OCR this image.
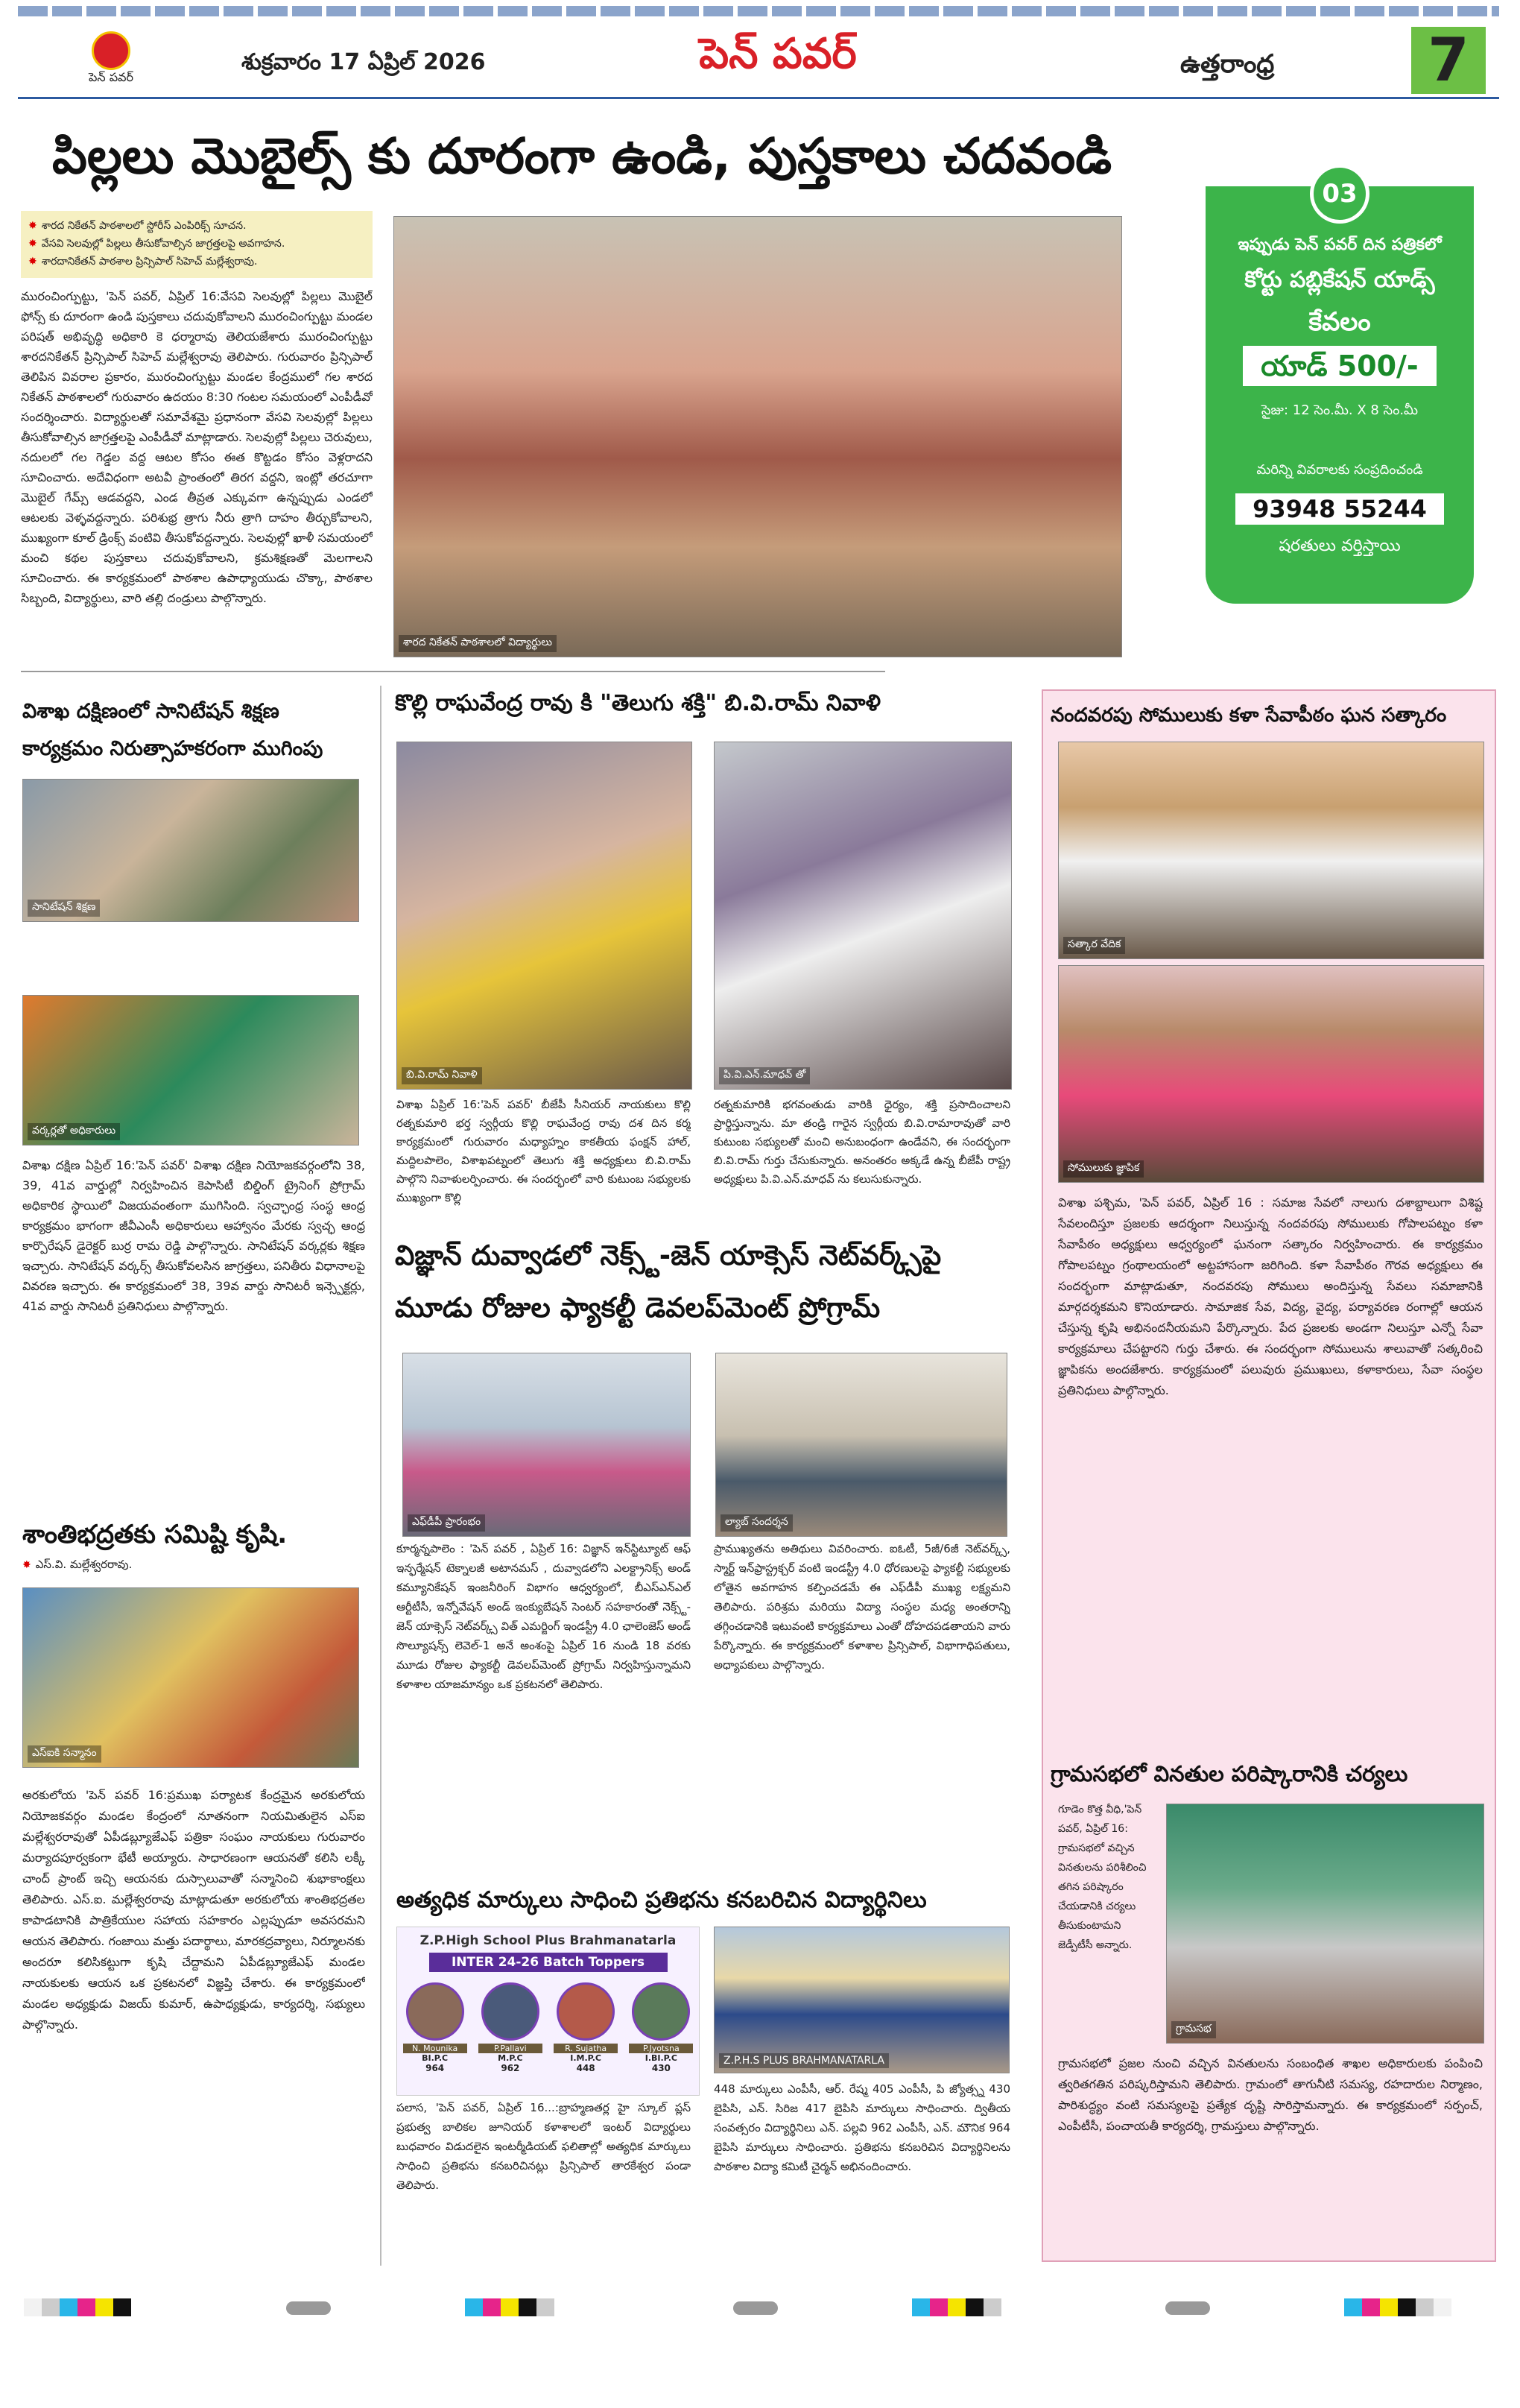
పెన్ పవర్
శుక్రవారం 17 ఏప్రిల్ 2026	పెన్ పవర్	ఉత్తరాంధ్ర	7
పిల్లలు మొబైల్స్ కు దూరంగా ఉండి, పుస్తకాలు చదవండి
✸ శారద నికేతన్ పాఠశాలలో స్టోరీస్ ఎంపిరిక్స్ సూచన.
✸ వేసవి సెలవుల్లో పిల్లలు తీసుకోవాల్సిన జాగ్రత్తలపై అవగాహన.
✸ శారదానికేతన్ పాఠశాల ప్రిన్సిపాల్ సిహెచ్ మల్లేశ్వరావు.
మురంచింగ్పుట్టు, 'పెన్ పవర్, ఏప్రిల్ 16:వేసవి సెలవుల్లో పిల్లలు మొబైల్ ఫోన్స్ కు దూరంగా ఉండి పుస్తకాలు చదువుకోవాలని మురంచింగ్పుట్టు మండల పరిషత్ అభివృద్ధి అధికారి కె ధర్మారావు తెలియజేశారు మురంచింగ్పుట్టు శారదనికేతన్ ప్రిన్సిపాల్ సిహెచ్ మల్లేశ్వరావు తెలిపారు. గురువారం ప్రిన్సిపాల్ తెలిపిన వివరాల ప్రకారం, మురంచింగ్పుట్టు మండల కేంద్రములో గల శారద నికేతన్ పాఠశాలలో గురువారం ఉదయం 8:30 గంటల సమయంలో ఎంపీడీవో సందర్శించారు. విద్యార్థులతో సమావేశమై ప్రధానంగా వేసవి సెలవుల్లో పిల్లలు తీసుకోవాల్సిన జాగ్రత్తలపై ఎంపీడీవో మాట్లాడారు. సెలవుల్లో పిల్లలు చెరువులు, నదులలో గల గెడ్డల వద్ద ఆటల కోసం ఈత కొట్టడం కోసం వెళ్లరాదని సూచించారు. అదేవిధంగా అటవీ ప్రాంతంలో తిరగ వద్దని, ఇంట్లో తరచూగా మొబైల్ గేమ్స్ ఆడవద్దని, ఎండ తీవ్రత ఎక్కువగా ఉన్నప్పుడు ఎండలో ఆటలకు వెళ్ళవద్దన్నారు. పరిశుభ్ర త్రాగు నీరు త్రాగి దాహం తీర్చుకోవాలని, ముఖ్యంగా కూల్ డ్రింక్స్ వంటివి తీసుకోవద్దన్నారు. సెలవుల్లో ఖాళీ సమయంలో మంచి కథల పుస్తకాలు చదువుకోవాలని, క్రమశిక్షణతో మెలగాలని సూచించారు. ఈ కార్యక్రమంలో పాఠశాల ఉపాధ్యాయుడు చొక్కా, పాఠశాల సిబ్బంది, విద్యార్థులు, వారి తల్లి దండ్రులు పాల్గొన్నారు.
శారద నికేతన్ పాఠశాలలో విద్యార్థులు
03
ఇప్పుడు పెన్ పవర్ దిన పత్రికలో
కోర్టు పబ్లికేషన్ యాడ్స్
కేవలం
యాడ్ 500/-
సైజు: 12 సెం.మీ. X 8 సెం.మీ
మరిన్ని వివరాలకు సంప్రదించండి
93948 55244
షరతులు వర్తిస్తాయి
విశాఖ దక్షిణంలో సానిటేషన్ శిక్షణ కార్యక్రమం నిరుత్సాహకరంగా ముగింపు
సానిటేషన్ శిక్షణ
వర్కర్లతో అధికారులు
విశాఖ దక్షిణ ఏప్రిల్ 16:'పెన్ పవర్' విశాఖ దక్షిణ నియోజకవర్గంలోని 38, 39, 41వ వార్డుల్లో నిర్వహించిన కెపాసిటీ బిల్డింగ్ ట్రైనింగ్ ప్రోగ్రామ్ అధికారిక స్థాయిలో విజయవంతంగా ముగిసింది. స్వచ్ఛాంధ్ర సంస్థ ఆంధ్ర కార్యక్రమం భాగంగా జీవీఎంసీ అధికారులు ఆహ్వానం మేరకు స్వచ్ఛ ఆంధ్ర కార్పొరేషన్ డైరెక్టర్ బుర్ర రామ రెడ్డి పాల్గొన్నారు. సానిటేషన్ వర్కర్లకు శిక్షణ ఇచ్చారు. సానిటేషన్ వర్కర్స్ తీసుకోవలసిన జాగ్రత్తలు, పనితీరు విధానాలపై వివరణ ఇచ్చారు. ఈ కార్యక్రమంలో 38, 39వ వార్డు సానిటరీ ఇన్స్పెక్టర్లు, 41వ వార్డు సానిటరీ ప్రతినిధులు పాల్గొన్నారు.
శాంతిభద్రతకు సమిష్టి కృషి.
✸ ఎస్.వి. మల్లేశ్వరరావు.
ఎస్ఐకి సన్మానం
అరకులోయ 'పెన్ పవర్ 16:ప్రముఖ పర్యాటక కేంద్రమైన అరకులోయ నియోజకవర్గం మండల కేంద్రంలో నూతనంగా నియమితులైన ఎస్ఐ మల్లేశ్వరరావుతో ఏపీడబ్ల్యూజేఎఫ్ పత్రికా సంఘం నాయకులు గురువారం మర్యాదపూర్వకంగా భేటీ అయ్యారు. సాధారణంగా ఆయనతో కలిసి లక్కీ చాంద్ ప్రాంట్ ఇచ్చి ఆయనకు దుస్సాలువాతో సన్మానించి శుభాకాంక్షలు తెలిపారు. ఎస్.ఐ. మల్లేశ్వరరావు మాట్లాడుతూ అరకులోయ శాంతిభద్రతల కాపాడటానికి పాత్రికేయుల సహాయ సహకారం ఎల్లప్పుడూ అవసరమని ఆయన తెలిపారు. గంజాయి మత్తు పదార్థాలు, మారకద్రవ్యాలు, నిర్మూలనకు అందరూ కలిసికట్టుగా కృషి చేద్దామని ఏపీడబ్ల్యూజేఎఫ్ మండల నాయకులకు ఆయన ఒక ప్రకటనలో విజ్ఞప్తి చేశారు. ఈ కార్యక్రమంలో మండల అధ్యక్షుడు విజయ్ కుమార్, ఉపాధ్యక్షుడు, కార్యదర్శి, సభ్యులు పాల్గొన్నారు.
కొల్లి రాఘవేంద్ర రావు కి "తెలుగు శక్తి" బి.వి.రామ్ నివాళి
బి.వి.రామ్ నివాళి	పి.వి.ఎన్.మాధవ్ తో
విశాఖ ఏప్రిల్ 16:'పెన్ పవర్' బీజేపీ సీనియర్ నాయకులు కొల్లి రత్నకుమారి భర్త స్వర్గీయ కొల్లి రాఘవేంద్ర రావు దశ దిన కర్మ కార్యక్రమంలో గురువారం మధ్యాహ్నం కాకతీయ ఫంక్షన్ హాల్, మద్దిలపాలెం, విశాఖపట్నంలో తెలుగు శక్తి అధ్యక్షులు బి.వి.రామ్ పాల్గొని నివాళులర్పించారు. ఈ సందర్భంలో వారి కుటుంబ సభ్యులకు ముఖ్యంగా కొల్లి
రత్నకుమారికి భగవంతుడు వారికి ధైర్యం, శక్తి ప్రసాదించాలని ప్రార్థిస్తున్నాను. మా తండ్రి గారైన స్వర్గీయ బి.వి.రామారావుతో వారి కుటుంబ సభ్యులతో మంచి అనుబంధంగా ఉండేవని, ఈ సందర్భంగా బి.వి.రామ్ గుర్తు చేసుకున్నారు. అనంతరం అక్కడే ఉన్న బీజేపీ రాష్ట్ర అధ్యక్షులు పి.వి.ఎన్.మాధవ్ ను కలుసుకున్నారు.
విజ్ఞాన్ దువ్వాడలో నెక్స్ట్-జెన్ యాక్సెస్ నెట్‌వర్క్స్‌పై మూడు రోజుల ఫ్యాకల్టీ డెవలప్‌మెంట్ ప్రోగ్రామ్
ఎఫ్‌డీపీ ప్రారంభం	ల్యాబ్ సందర్శన
కూర్మన్నపాలెం : 'పెన్ పవర్ , ఏప్రిల్ 16: విజ్ఞాన్ ఇన్‌స్టిట్యూట్ ఆఫ్ ఇన్ఫర్మేషన్ టెక్నాలజీ అటానమస్ , దువ్వాడలోని ఎలక్ట్రానిక్స్ అండ్ కమ్యూనికేషన్ ఇంజనీరింగ్ విభాగం ఆధ్వర్యంలో, బీఎస్ఎన్ఎల్ ఆర్టీటీసీ, ఇన్నోవేషన్ అండ్ ఇంక్యుబేషన్ సెంటర్ సహకారంతో నెక్స్ట్-జెన్ యాక్సెస్ నెట్‌వర్క్స్ విత్ ఎమర్జింగ్ ఇండస్ట్రీ 4.0 ఛాలెంజెస్ అండ్ సొల్యూషన్స్ లెవెల్-1 అనే అంశంపై ఏప్రిల్ 16 నుండి 18 వరకు మూడు రోజుల ఫ్యాకల్టీ డెవలప్‌మెంట్ ప్రోగ్రామ్ నిర్వహిస్తున్నామని కళాశాల యాజమాన్యం ఒక ప్రకటనలో తెలిపారు.
ప్రాముఖ్యతను అతిథులు వివరించారు. ఐఓటీ, 5జీ/6జీ నెట్‌వర్క్స్, స్మార్ట్ ఇన్‌ఫ్రాస్ట్రక్చర్ వంటి ఇండస్ట్రీ 4.0 ధోరణులపై ఫ్యాకల్టీ సభ్యులకు లోతైన అవగాహన కల్పించడమే ఈ ఎఫ్‌డీపీ ముఖ్య లక్ష్యమని తెలిపారు. పరిశ్రమ మరియు విద్యా సంస్థల మధ్య అంతరాన్ని తగ్గించడానికి ఇటువంటి కార్యక్రమాలు ఎంతో దోహదపడతాయని వారు పేర్కొన్నారు. ఈ కార్యక్రమంలో కళాశాల ప్రిన్సిపాల్, విభాగాధిపతులు, అధ్యాపకులు పాల్గొన్నారు.
అత్యధిక మార్కులు సాధించి ప్రతిభను కనబరిచిన విద్యార్థినిలు
Z.P.High School Plus Brahmanatarla
INTER 24-26 Batch Toppers
N. Mounika
BI.P.C
964
P.Pallavi
M.P.C
962
R. Sujatha
I.M.P.C
448
P.Jyotsna
I.BI.P.C
430
Z.P.H.S PLUS BRAHMANATARLA
పలాస, 'పెన్ పవర్, ఏప్రిల్ 16...:బ్రాహ్మణతర్ల హై స్కూల్ ప్లస్ ప్రభుత్వ బాలికల జూనియర్ కళాశాలలో ఇంటర్ విద్యార్థులు బుధవారం విడుదలైన ఇంటర్మీడియట్ ఫలితాల్లో అత్యధిక మార్కులు సాధించి ప్రతిభను కనబరిచినట్లు ప్రిన్సిపాల్ తారకేశ్వర పండా తెలిపారు.
448 మార్కులు ఎంపీసీ, ఆర్. రేష్మ 405 ఎంపీసీ, పి జ్యోత్స్న 430 బైపిసి, ఎన్. సిరిజ 417 బైపిసి మార్కులు సాధించారు. ద్వితీయ సంవత్సరం విద్యార్థినిలు ఎన్. పల్లవి 962 ఎంపీసీ, ఎన్. మౌనిక 964 బైపిసి మార్కులు సాధించారు. ప్రతిభను కనబరిచిన విద్యార్థినిలను పాఠశాల విద్యా కమిటీ చైర్మన్ అభినందించారు.
నందవరపు సోములుకు కళా సేవాపీఠం ఘన సత్కారం
సత్కార వేదిక
సోములుకు జ్ఞాపిక
విశాఖ పశ్చిమ, 'పెన్ పవర్, ఏప్రిల్ 16 : సమాజ సేవలో నాలుగు దశాబ్దాలుగా విశిష్ట సేవలందిస్తూ ప్రజలకు ఆదర్శంగా నిలుస్తున్న నందవరపు సోములుకు గోపాలపట్నం కళా సేవాపీఠం అధ్యక్షులు ఆధ్వర్యంలో ఘనంగా సత్కారం నిర్వహించారు. ఈ కార్యక్రమం గోపాలపట్నం గ్రంథాలయంలో అట్టహాసంగా జరిగింది. కళా సేవాపీఠం గౌరవ అధ్యక్షులు ఈ సందర్భంగా మాట్లాడుతూ, నందవరపు సోములు అందిస్తున్న సేవలు సమాజానికి మార్గదర్శకమని కొనియాడారు. సామాజిక సేవ, విద్య, వైద్య, పర్యావరణ రంగాల్లో ఆయన చేస్తున్న కృషి అభినందనీయమని పేర్కొన్నారు. పేద ప్రజలకు అండగా నిలుస్తూ ఎన్నో సేవా కార్యక్రమాలు చేపట్టారని గుర్తు చేశారు. ఈ సందర్భంగా సోములును శాలువాతో సత్కరించి జ్ఞాపికను అందజేశారు. కార్యక్రమంలో పలువురు ప్రముఖులు, కళాకారులు, సేవా సంస్థల ప్రతినిధులు పాల్గొన్నారు.
గ్రామసభలో వినతుల పరిష్కారానికి చర్యలు
గూడెం కొత్త వీధి,'పెన్ పవర్, ఏప్రిల్ 16: గ్రామసభలో వచ్చిన వినతులను పరిశీలించి తగిన పరిష్కారం చేయడానికి చర్యలు తీసుకుంటామని జెడ్పీటీసీ అన్నారు.
గ్రామసభ
గ్రామసభలో ప్రజల నుంచి వచ్చిన వినతులను సంబంధిత శాఖల అధికారులకు పంపించి త్వరితగతిన పరిష్కరిస్తామని తెలిపారు. గ్రామంలో తాగునీటి సమస్య, రహదారుల నిర్మాణం, పారిశుద్ధ్యం వంటి సమస్యలపై ప్రత్యేక దృష్టి సారిస్తామన్నారు. ఈ కార్యక్రమంలో సర్పంచ్, ఎంపీటీసీ, పంచాయతీ కార్యదర్శి, గ్రామస్తులు పాల్గొన్నారు.
